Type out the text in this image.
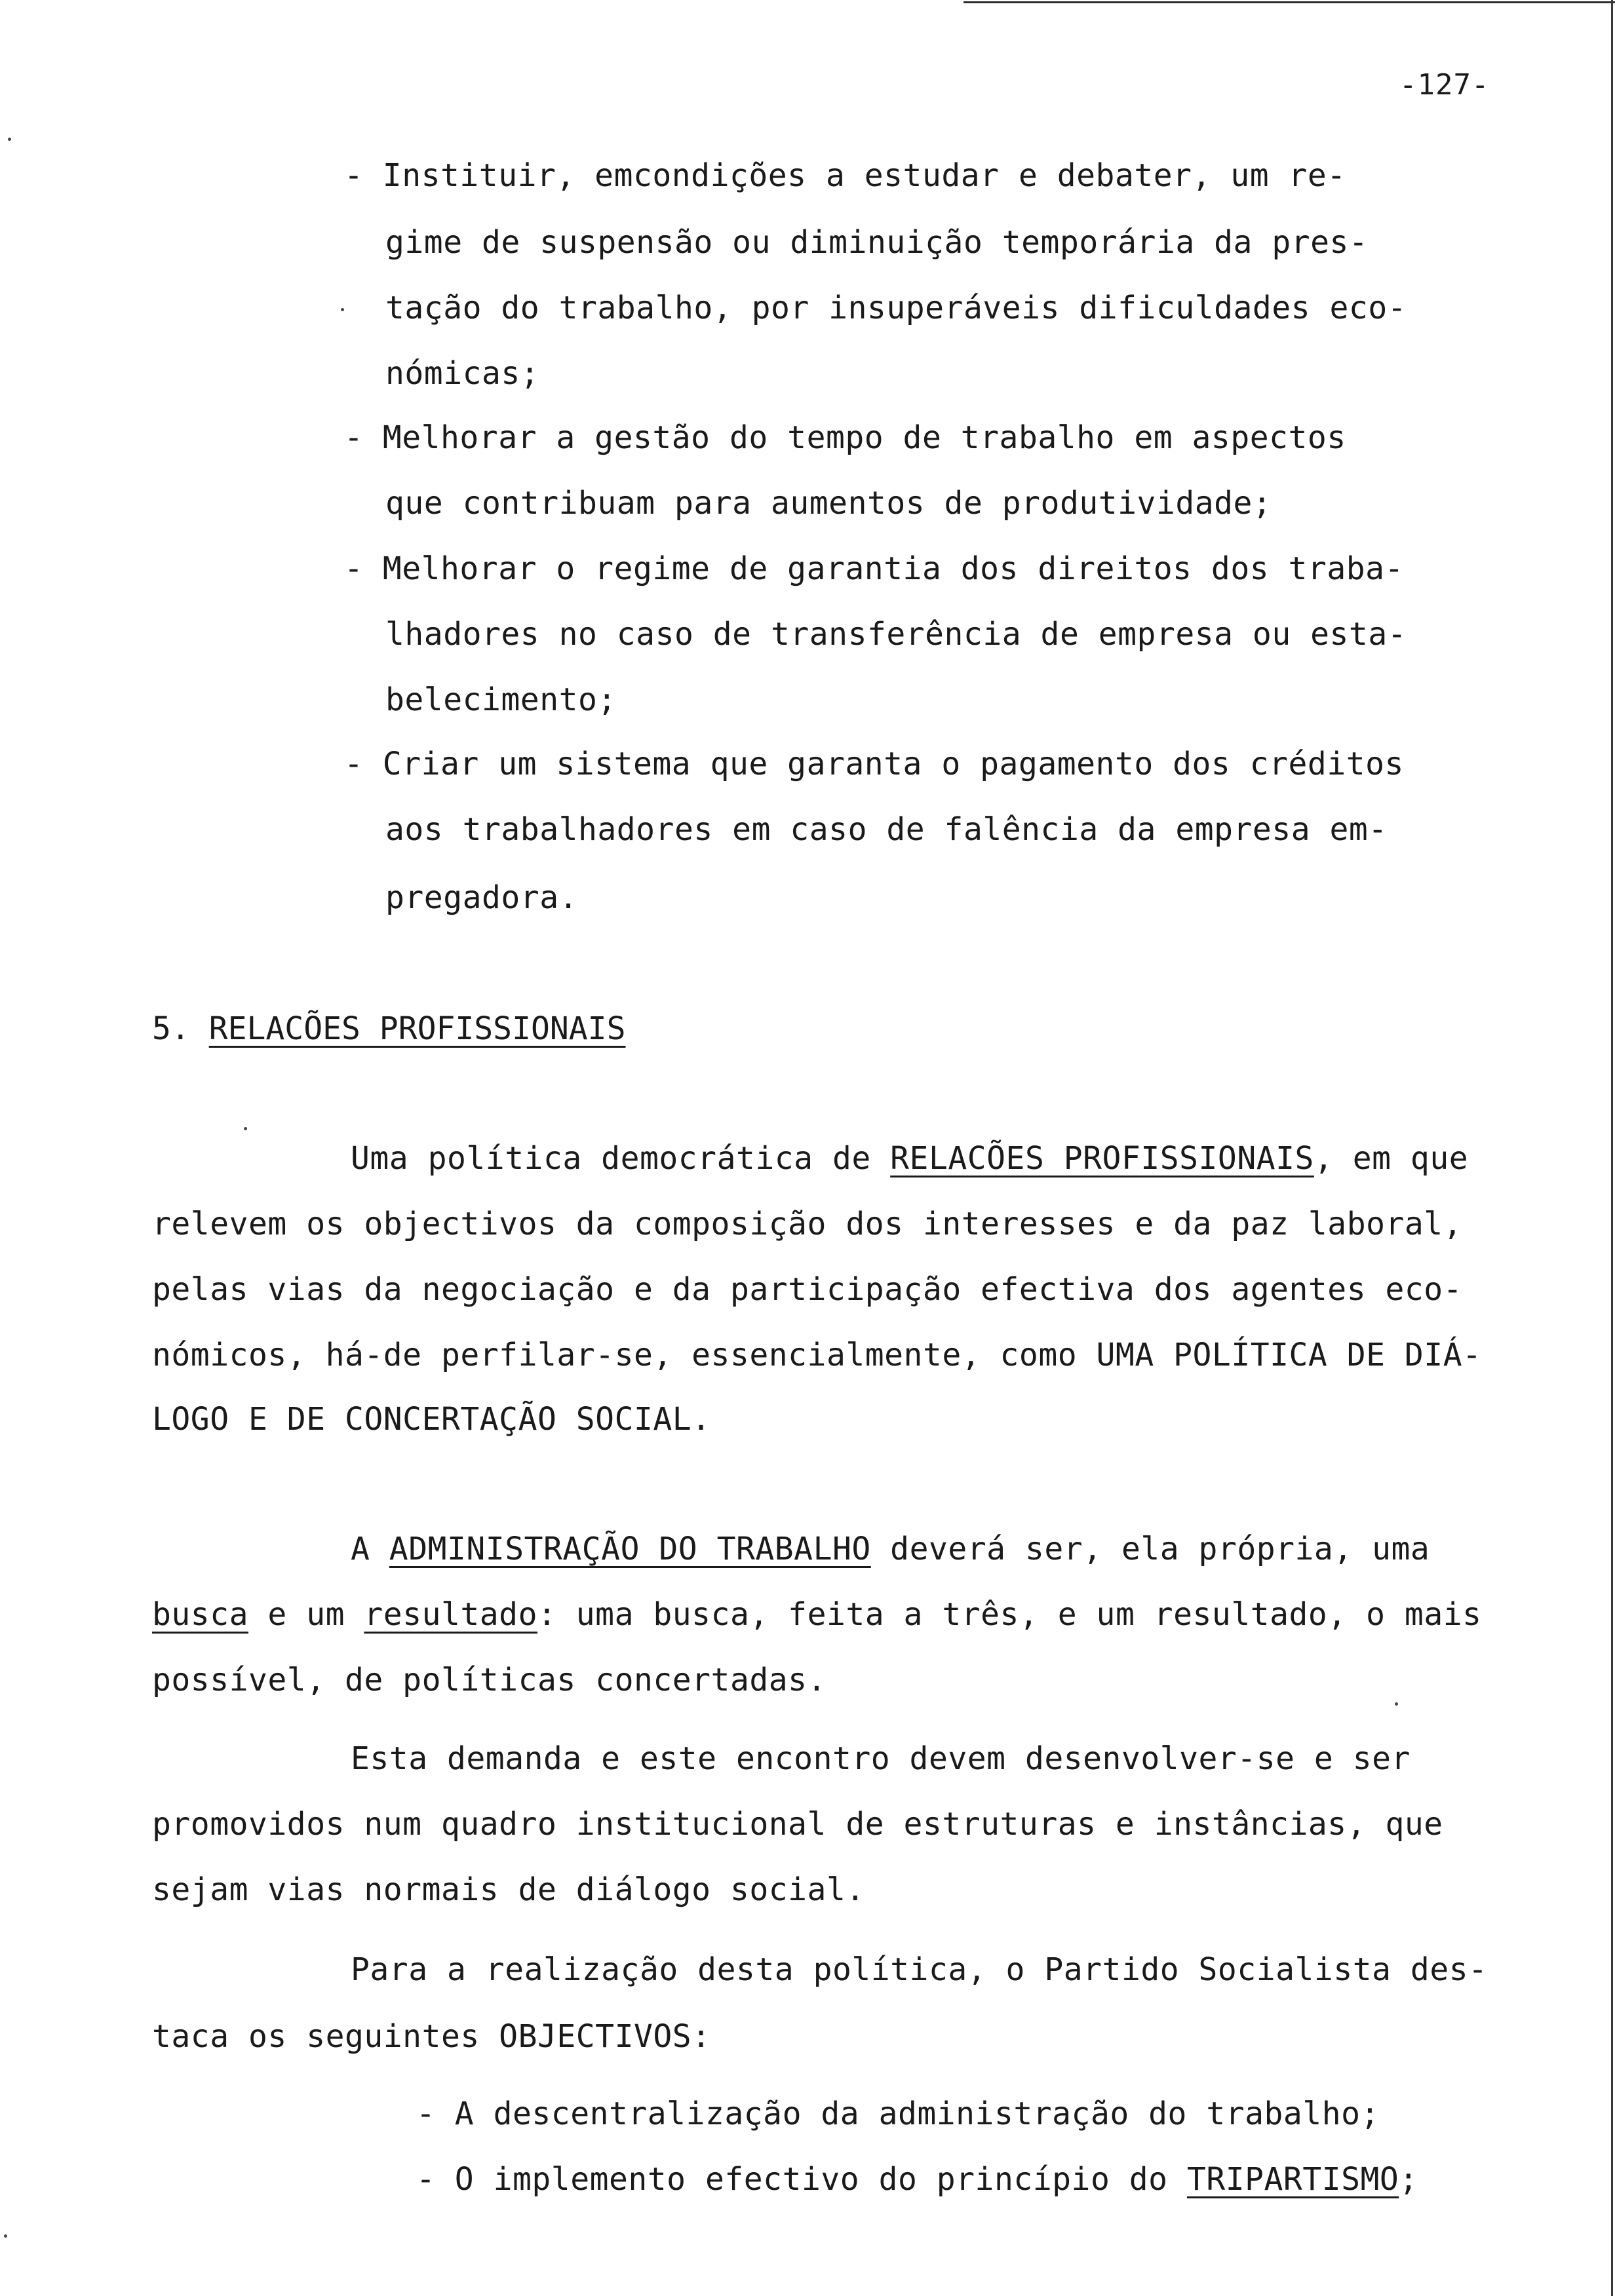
-127-
- Instituir, emcondições a estudar e debater, um re-
gime de suspensão ou diminuição temporária da pres-
tação do trabalho, por insuperáveis dificuldades eco-
nómicas;
- Melhorar a gestão do tempo de trabalho em aspectos
que contribuam para aumentos de produtividade;
- Melhorar o regime de garantia dos direitos dos traba-
lhadores no caso de transferência de empresa ou esta-
belecimento;
- Criar um sistema que garanta o pagamento dos créditos
aos trabalhadores em caso de falência da empresa em-
pregadora.
5. RELACÕES PROFISSIONAIS
Uma política democrática de RELACÕES PROFISSIONAIS, em que
relevem os objectivos da composição dos interesses e da paz laboral,
pelas vias da negociação e da participação efectiva dos agentes eco-
nómicos, há-de perfilar-se, essencialmente, como UMA POLÍTICA DE DIÁ-
LOGO E DE CONCERTAÇÃO SOCIAL.
A ADMINISTRAÇÃO DO TRABALHO deverá ser, ela própria, uma
busca e um resultado: uma busca, feita a três, e um resultado, o mais
possível, de políticas concertadas.
Esta demanda e este encontro devem desenvolver-se e ser
promovidos num quadro institucional de estruturas e instâncias, que
sejam vias normais de diálogo social.
Para a realização desta política, o Partido Socialista des-
taca os seguintes OBJECTIVOS:
- A descentralização da administração do trabalho;
- O implemento efectivo do princípio do TRIPARTISMO;
